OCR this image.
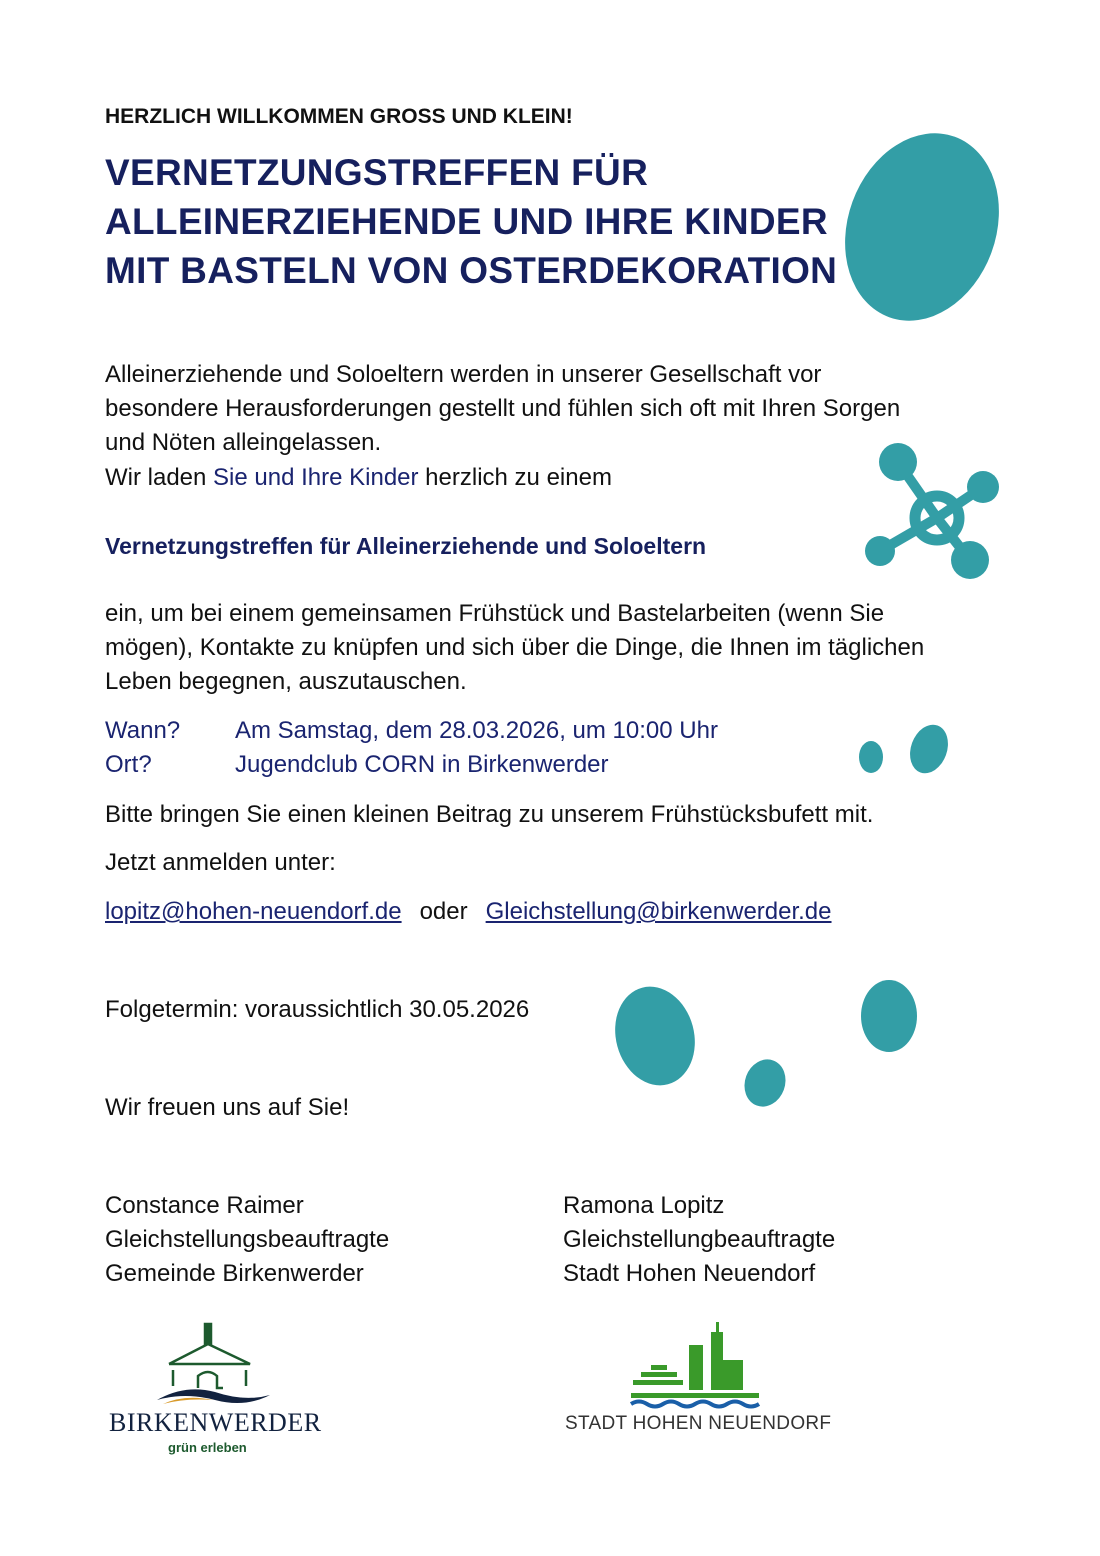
HERZLICH WILLKOMMEN GROSS UND KLEIN!
VERNETZUNGSTREFFEN FÜR
ALLEINERZIEHENDE UND IHRE KINDER
MIT BASTELN VON OSTERDEKORATION
Alleinerziehende und Soloeltern werden in unserer Gesellschaft vor
besondere Herausforderungen gestellt und fühlen sich oft mit Ihren Sorgen
und Nöten alleingelassen.
Wir laden Sie und Ihre Kinder herzlich zu einem
Vernetzungstreffen für Alleinerziehende und Soloeltern
ein, um bei einem gemeinsamen Frühstück und Bastelarbeiten (wenn Sie
mögen), Kontakte zu knüpfen und sich über die Dinge, die Ihnen im täglichen
Leben begegnen, auszutauschen.
Wann? Am Samstag, dem 28.03.2026, um 10:00 Uhr
Ort?	Jugendclub CORN in Birkenwerder
Bitte bringen Sie einen kleinen Beitrag zu unserem Frühstücksbufett mit.
Jetzt anmelden unter:
lopitz@hohen-neuendorf.de oder Gleichstellung@birkenwerder.de
Folgetermin: voraussichtlich 30.05.2026
Wir freuen uns auf Sie!
Constance Raimer
Gleichstellungsbeauftragte
Gemeinde Birkenwerder
Ramona Lopitz
Gleichstellungbeauftragte
Stadt Hohen Neuendorf
BIRKENWERDER
grün erleben
STADT HOHEN NEUENDORF
